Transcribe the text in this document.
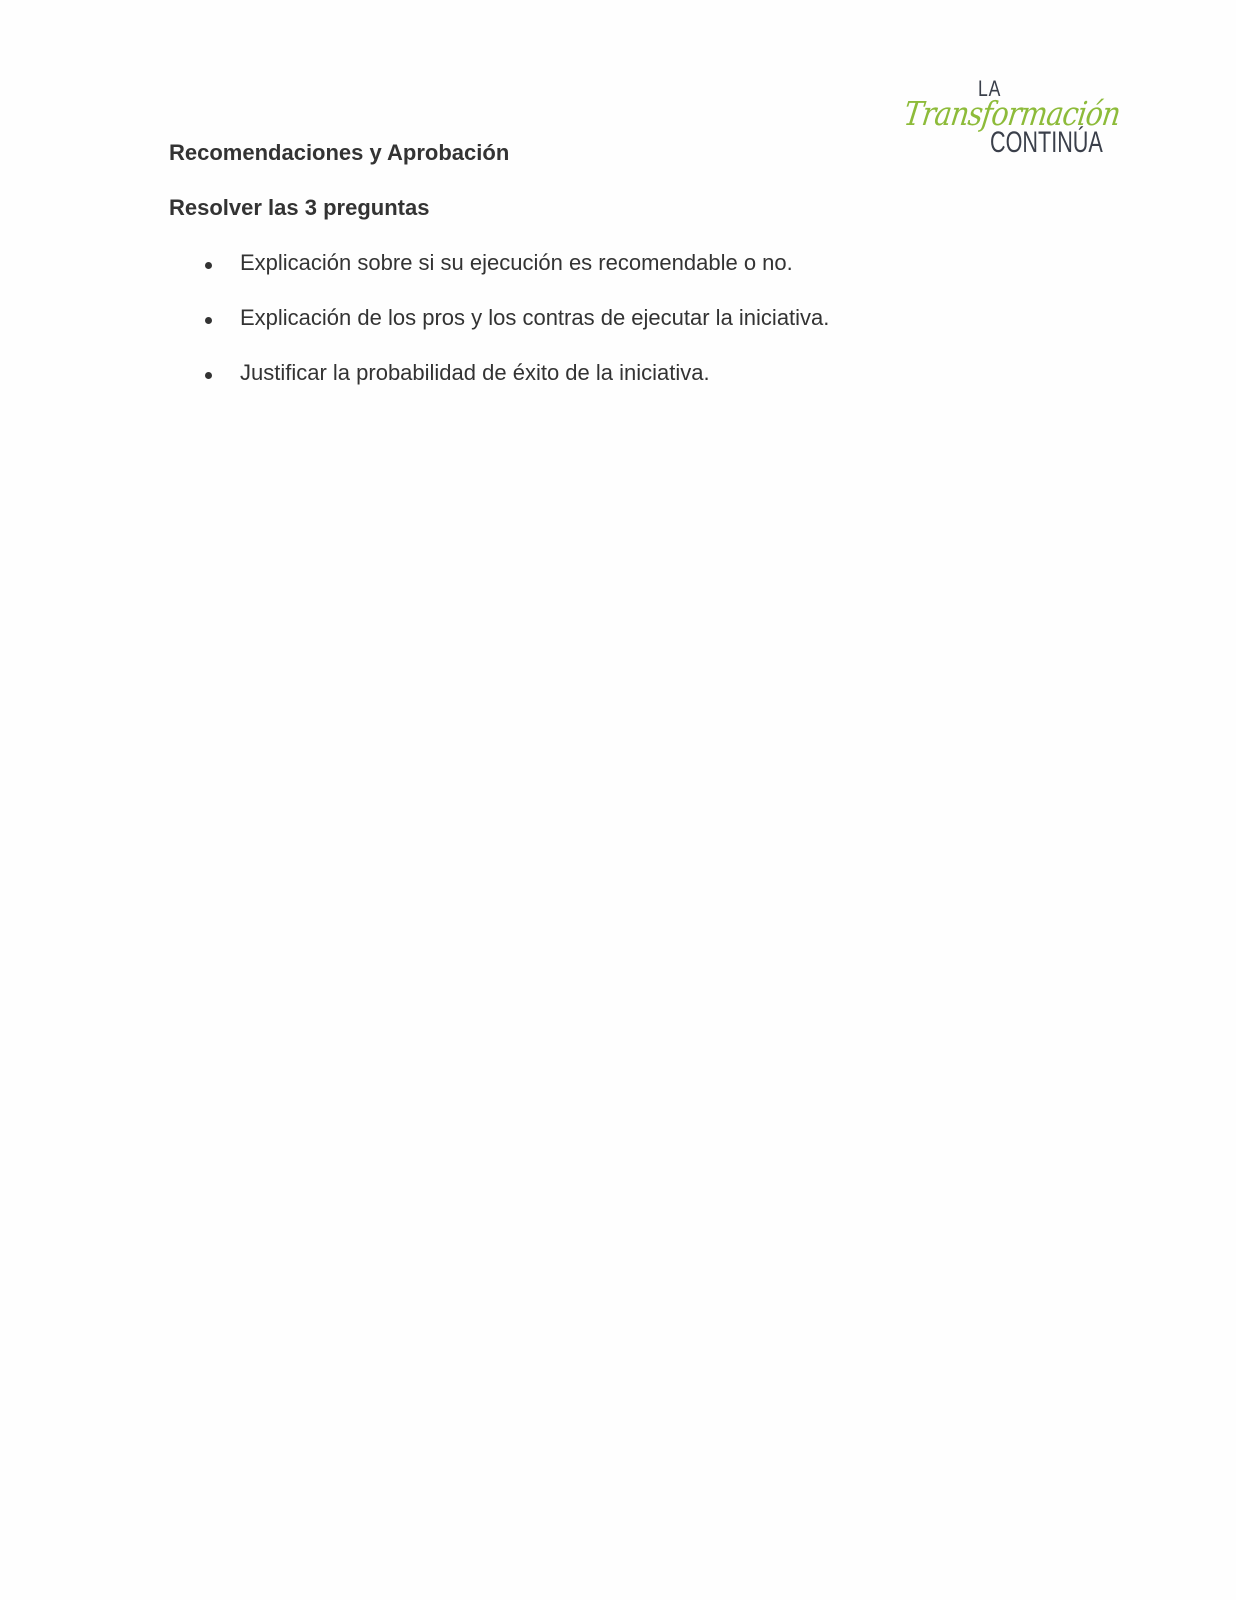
LA
Transformación
CONTINÚA
Recomendaciones y Aprobación
Resolver las 3 preguntas
Explicación sobre si su ejecución es recomendable o no.
Explicación de los pros y los contras de ejecutar la iniciativa.
Justificar la probabilidad de éxito de la iniciativa.
